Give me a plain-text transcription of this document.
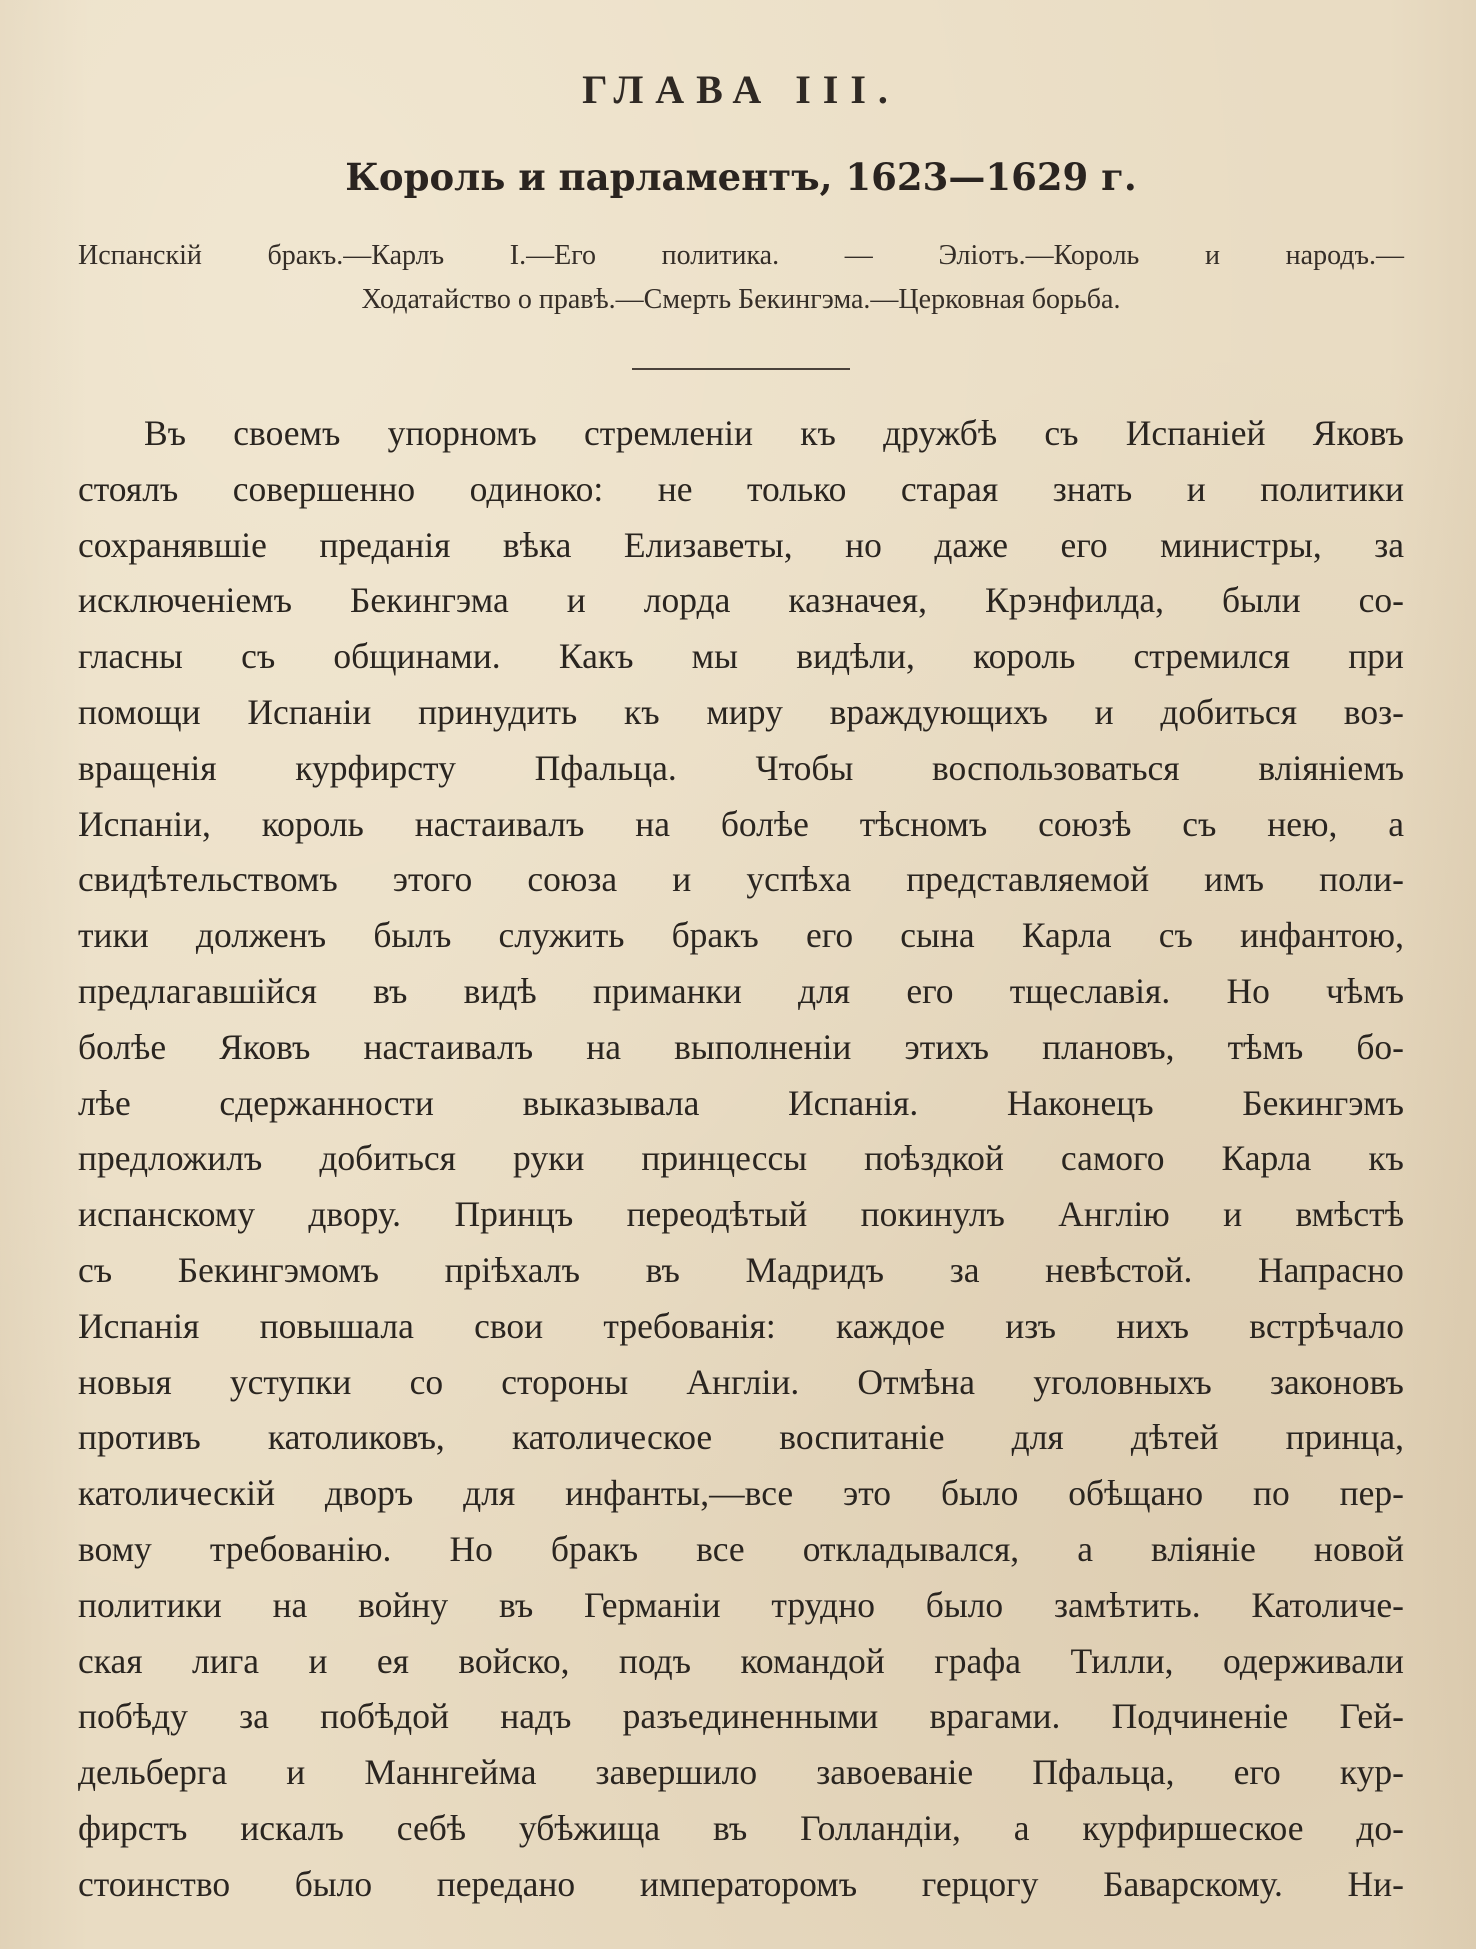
ГЛАВА III.
Король и парламентъ, 1623—1629 г.
Испанскій бракъ.—Карлъ I.—Его политика. — Элiотъ.—Король и народъ.—
Ходатайство о правѣ.—Смерть Бекингэма.—Церковная борьба.
Въ своемъ упорномъ стремленіи къ дружбѣ съ Испаніей Яковъ
стоялъ совершенно одиноко: не только старая знать и политики
сохранявшіе преданія вѣка Елизаветы, но даже его министры, за
исключеніемъ Бекингэма и лорда казначея, Крэнфилда, были со-
гласны съ общинами. Какъ мы видѣли, король стремился при
помощи Испаніи принудить къ миру враждующихъ и добиться воз-
вращенія курфирсту Пфальца. Чтобы воспользоваться вліяніемъ
Испаніи, король настаивалъ на болѣе тѣсномъ союзѣ съ нею, а
свидѣтельствомъ этого союза и успѣха представляемой имъ поли-
тики долженъ былъ служить бракъ его сына Карла съ инфантою,
предлагавшійся въ видѣ приманки для его тщеславія. Но чѣмъ
болѣе Яковъ настаивалъ на выполненіи этихъ плановъ, тѣмъ бо-
лѣе сдержанности выказывала Испанія. Наконецъ Бекингэмъ
предложилъ добиться руки принцессы поѣздкой самого Карла къ
испанскому двору. Принцъ переодѣтый покинулъ Англію и вмѣстѣ
съ Бекингэмомъ пріѣхалъ въ Мадридъ за невѣстой. Напрасно
Испанія повышала свои требованія: каждое изъ нихъ встрѣчало
новыя уступки со стороны Англіи. Отмѣна уголовныхъ законовъ
противъ католиковъ, католическое воспитаніе для дѣтей принца,
католическій дворъ для инфанты,—все это было обѣщано по пер-
вому требованію. Но бракъ все откладывался, а вліяніе новой
политики на войну въ Германіи трудно было замѣтить. Католиче-
ская лига и ея войско, подъ командой графа Тилли, одерживали
побѣду за побѣдой надъ разъединенными врагами. Подчиненіе Гей-
дельберга и Маннгейма завершило завоеваніе Пфальца, его кур-
фирстъ искалъ себѣ убѣжища въ Голландіи, а курфиршеское до-
стоинство было передано императоромъ герцогу Баварскому. Ни-
